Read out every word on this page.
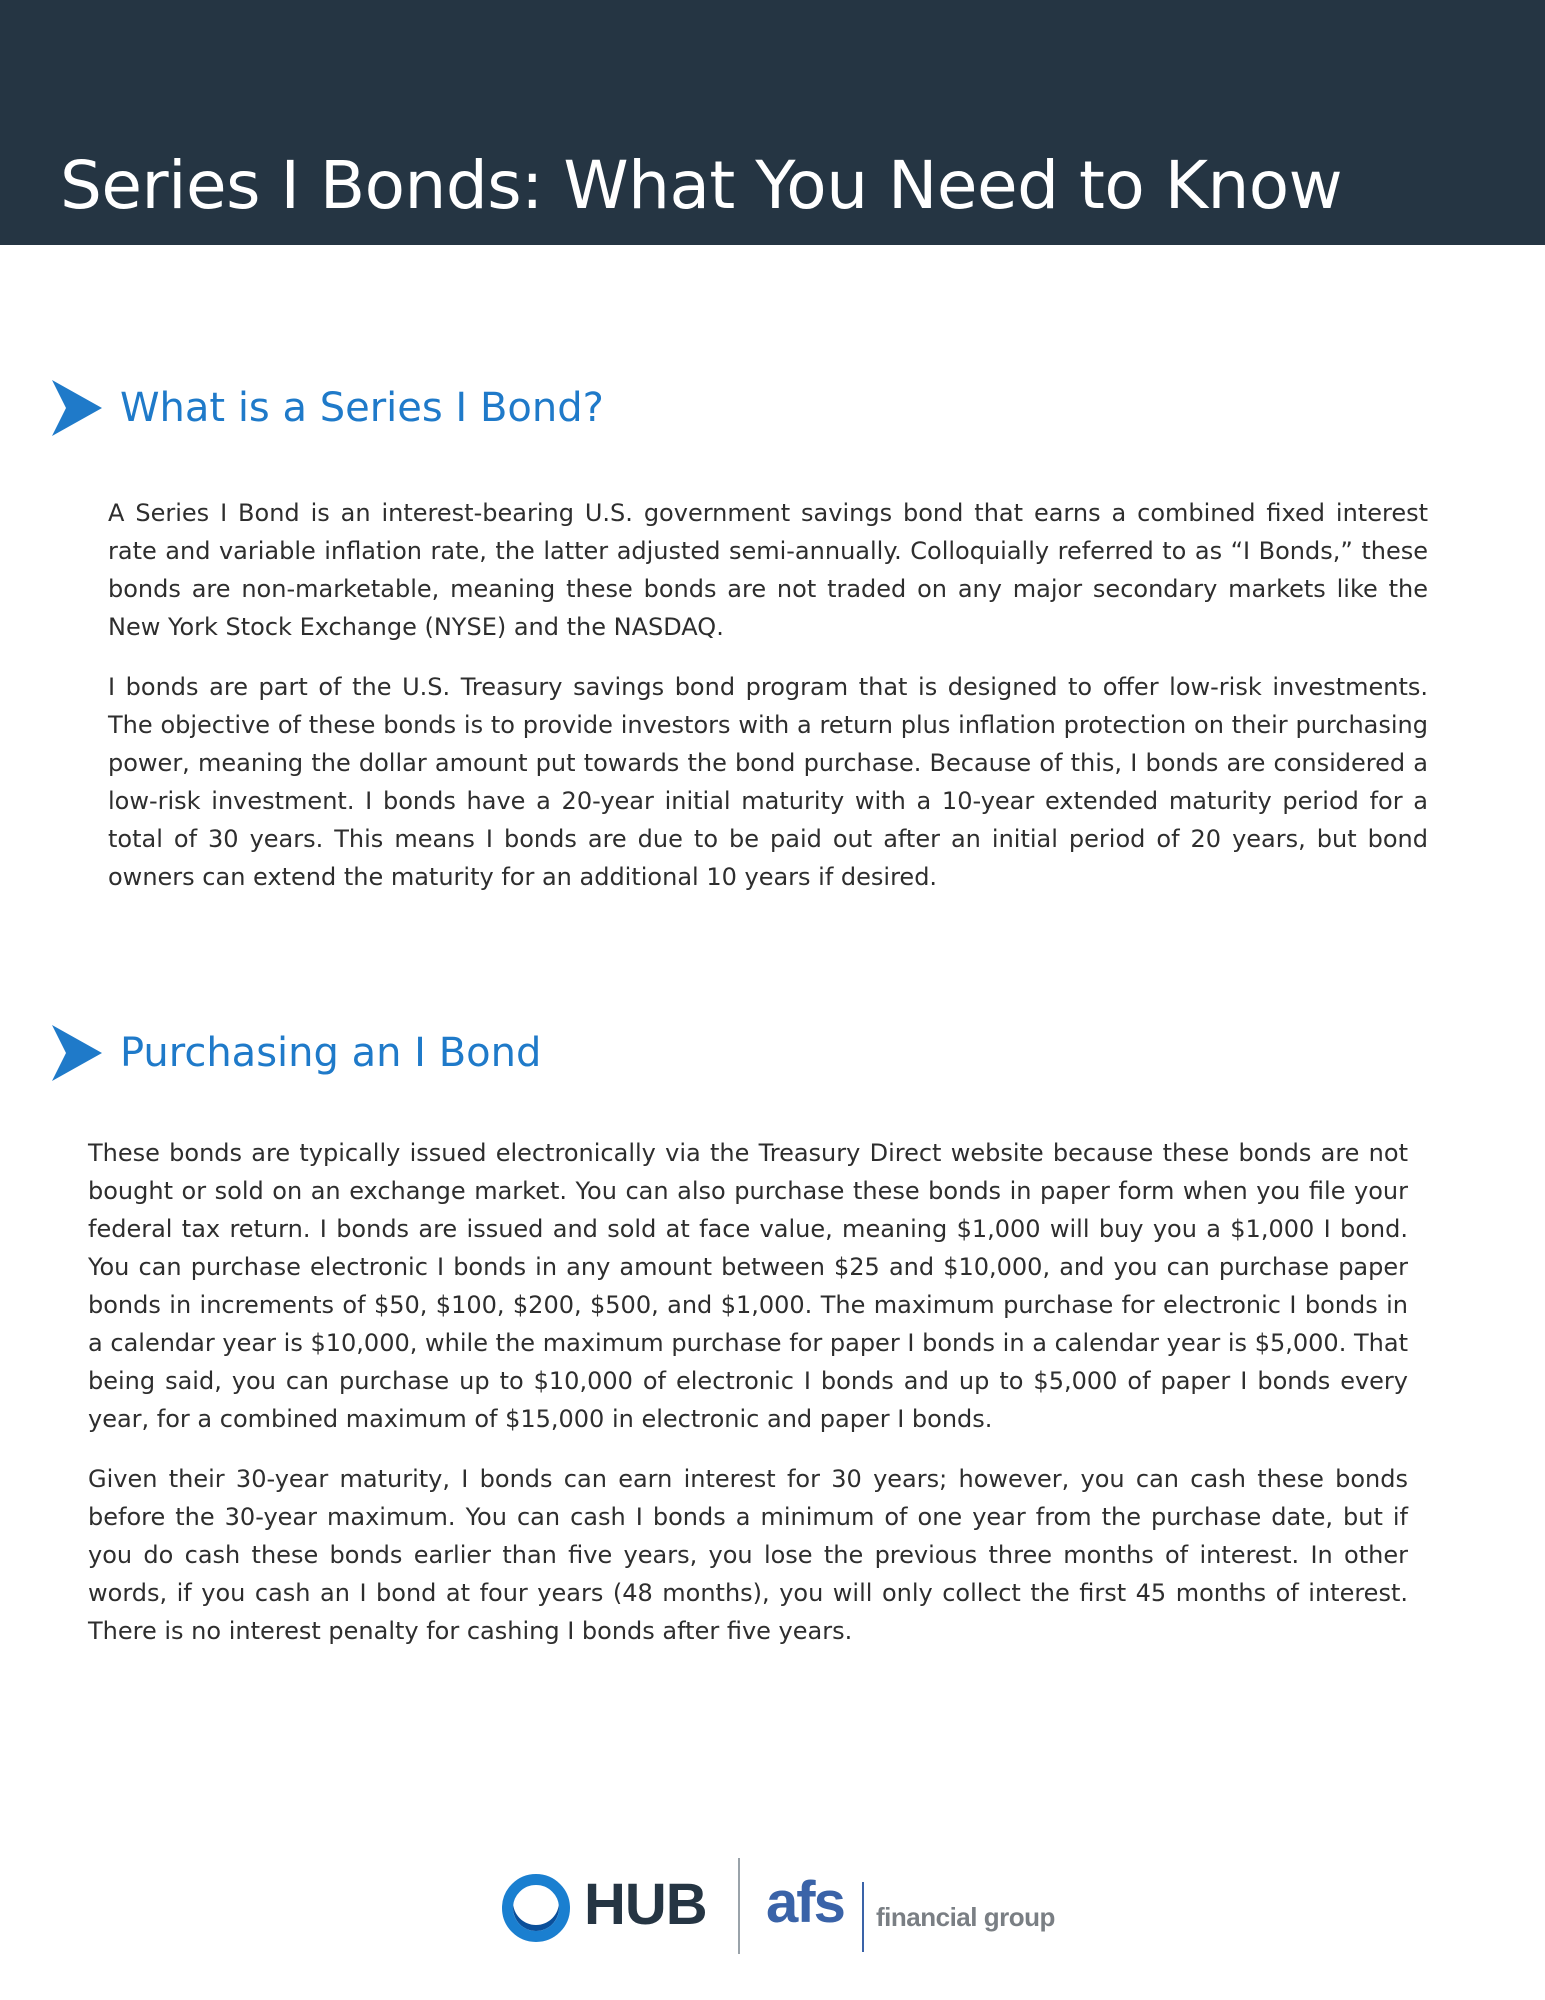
Series I Bonds: What You Need to Know
What is a Series I Bond?

A Series I Bond is an interest-bearing U.S. government savings bond that earns a combined fixed interest rate and variable inflation rate, the latter adjusted semi-annually. Colloquially referred to as “I Bonds,” these bonds are non-marketable, meaning these bonds are not traded on any major secondary markets like the New York Stock Exchange (NYSE) and the NASDAQ.

I bonds are part of the U.S. Treasury savings bond program that is designed to offer low-risk investments. The objective of these bonds is to provide investors with a return plus inflation protection on their purchasing power, meaning the dollar amount put towards the bond purchase. Because of this, I bonds are considered a low-risk investment. I bonds have a 20-year initial maturity with a 10-year extended maturity period for a total of 30 years. This means I bonds are due to be paid out after an initial period of 20 years, but bond owners can extend the maturity for an additional 10 years if desired.

Purchasing an I Bond

These bonds are typically issued electronically via the Treasury Direct website because these bonds are not bought or sold on an exchange market. You can also purchase these bonds in paper form when you file your federal tax return. I bonds are issued and sold at face value, meaning $1,000 will buy you a $1,000 I bond. You can purchase electronic I bonds in any amount between $25 and $10,000, and you can purchase paper bonds in increments of $50, $100, $200, $500, and $1,000. The maximum purchase for electronic I bonds in a calendar year is $10,000, while the maximum purchase for paper I bonds in a calendar year is $5,000. That being said, you can purchase up to $10,000 of electronic I bonds and up to $5,000 of paper I bonds every year, for a combined maximum of $15,000 in electronic and paper I bonds.

Given their 30-year maturity, I bonds can earn interest for 30 years; however, you can cash these bonds before the 30-year maximum. You can cash I bonds a minimum of one year from the purchase date, but if you do cash these bonds earlier than five years, you lose the previous three months of interest. In other words, if you cash an I bond at four years (48 months), you will only collect the first 45 months of interest. There is no interest penalty for cashing I bonds after five years.

HUB afs financial group
